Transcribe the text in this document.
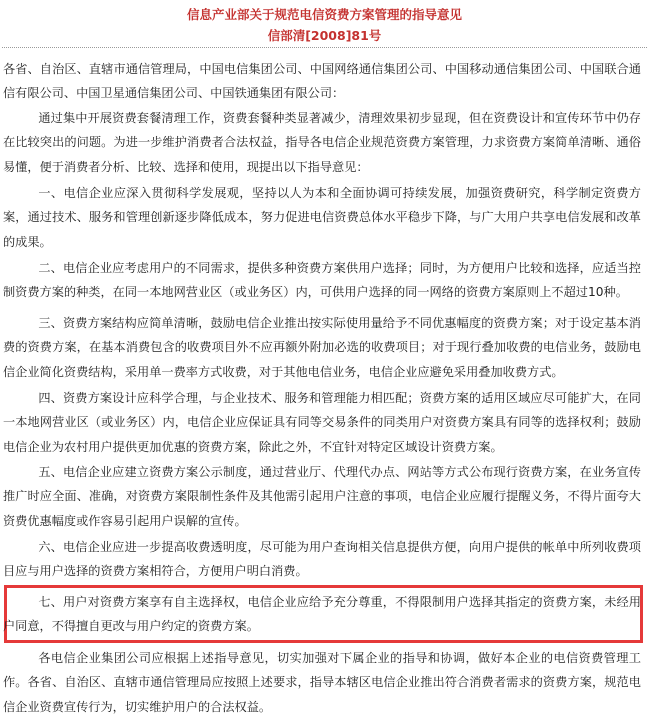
信息产业部关于规范电信资费方案管理的指导意见
信部清[2008]81号

各省、自治区、直辖市通信管理局，中国电信集团公司、中国网络通信集团公司、中国移动通信集团公司、中国联合通信有限公司、中国卫星通信集团公司、中国铁通集团有限公司：

通过集中开展资费套餐清理工作，资费套餐种类显著减少，清理效果初步显现，但在资费设计和宣传环节中仍存在比较突出的问题。为进一步维护消费者合法权益，指导各电信企业规范资费方案管理，力求资费方案简单清晰、通俗易懂，便于消费者分析、比较、选择和使用，现提出以下指导意见：

一、电信企业应深入贯彻科学发展观，坚持以人为本和全面协调可持续发展，加强资费研究，科学制定资费方案，通过技术、服务和管理创新逐步降低成本，努力促进电信资费总体水平稳步下降，与广大用户共享电信发展和改革的成果。

二、电信企业应考虑用户的不同需求，提供多种资费方案供用户选择；同时，为方便用户比较和选择，应适当控制资费方案的种类，在同一本地网营业区（或业务区）内，可供用户选择的同一网络的资费方案原则上不超过10种。

三、资费方案结构应简单清晰，鼓励电信企业推出按实际使用量给予不同优惠幅度的资费方案；对于设定基本消费的资费方案，在基本消费包含的收费项目外不应再额外附加必选的收费项目；对于现行叠加收费的电信业务，鼓励电信企业简化资费结构，采用单一费率方式收费，对于其他电信业务，电信企业应避免采用叠加收费方式。

四、资费方案设计应科学合理，与企业技术、服务和管理能力相匹配；资费方案的适用区域应尽可能扩大，在同一本地网营业区（或业务区）内，电信企业应保证具有同等交易条件的同类用户对资费方案具有同等的选择权利；鼓励电信企业为农村用户提供更加优惠的资费方案，除此之外，不宜针对特定区域设计资费方案。

五、电信企业应建立资费方案公示制度，通过营业厅、代理代办点、网站等方式公布现行资费方案，在业务宣传推广时应全面、准确，对资费方案限制性条件及其他需引起用户注意的事项，电信企业应履行提醒义务，不得片面夸大资费优惠幅度或作容易引起用户误解的宣传。

六、电信企业应进一步提高收费透明度，尽可能为用户查询相关信息提供方便，向用户提供的帐单中所列收费项目应与用户选择的资费方案相符合，方便用户明白消费。

七、用户对资费方案享有自主选择权，电信企业应给予充分尊重，不得限制用户选择其指定的资费方案，未经用户同意，不得擅自更改与用户约定的资费方案。

各电信企业集团公司应根据上述指导意见，切实加强对下属企业的指导和协调，做好本企业的电信资费管理工作。各省、自治区、直辖市通信管理局应按照上述要求，指导本辖区电信企业推出符合消费者需求的资费方案，规范电信企业资费宣传行为，切实维护用户的合法权益。
